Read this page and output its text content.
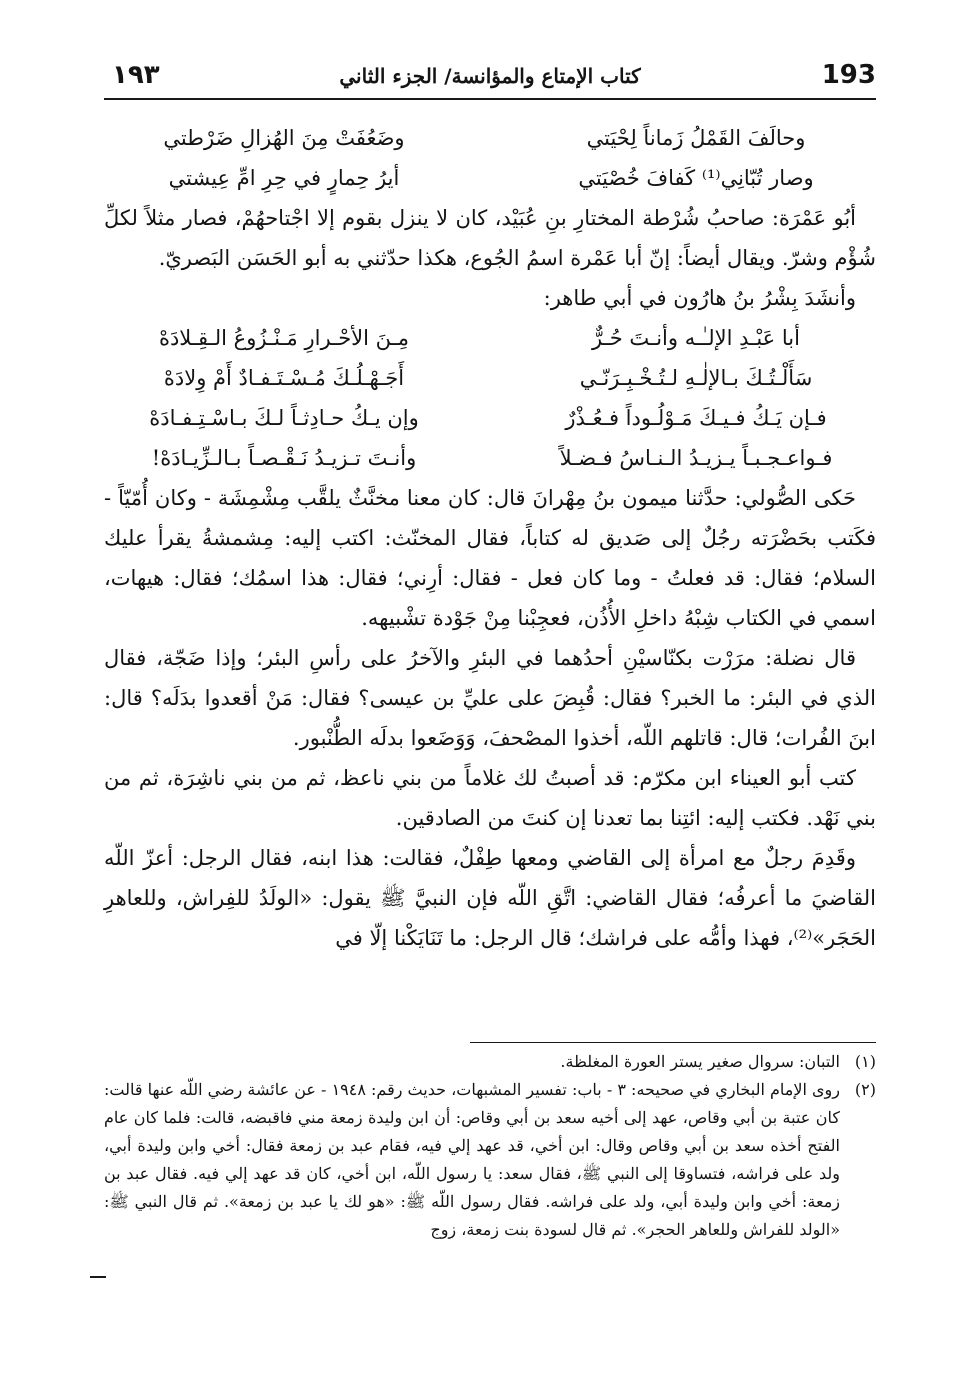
١٩٣	كتاب الإمتاع والمؤانسة/ الجزء الثاني	193
وحالَفَ القَمْلُ زَماناً لِحْيَتي
وضَعُفَتْ مِنَ الهُزالِ ضَرْطتي
وصار تُبّانِي⁽¹⁾ كَفافَ خُصْيَتي
أيرُ حِمارٍ في حِرِ امِّ عِيشتي

أبُو عَمْرَة: صاحبُ شُرْطة المختارِ بنِ عُبَيْد، كان لا ينزل بقوم إلا اجْتاحهُمْ، فصار مثلاً لكلِّ شُؤْم وشرّ. ويقال أيضاً: إنّ أبا عَمْرة اسمُ الجُوع، هكذا حدّثني به أبو الحَسَن البَصريّ.

وأنشَدَ بِشْرُ بنُ هارُون في أبي طاهر:

أبا عَبْـدِ الإلـٰـه وأنـتَ حُـرٌّ
مِـنَ الأحْـرارِ مَـنْـزُوعُ الـقِـلادَهْ
سَأَلْـتُـكَ بـالإلٰـهِ لـتُـخْـبِـرَنّـي
أَجَـهْـلُـكَ مُـسْـتَـفـادٌ أَمْ وِلادَهْ
فـإن يَـكُ فـيـكَ مَـوْلُـوداً فـعُـذْرٌ
وإن يـكُ حـادِثـاً لـكَ بـاسْـتِـفـادَهْ
فـواعـجـبـاً يـزيـدُ الـنـاسُ فـضـلاً
وأنـتَ تـزيـدُ نَـقْـصـاً بـالـزِّيـادَهْ!

حَكى الصُّولي: حدَّثنا ميمون بنُ مِهْرانَ قال: كان معنا مخنَّثٌ يلقَّب مِشْمِشَة - وكان أُمّيّاً - فكَتب بحَضْرَته رجُلٌ إلى صَديق له كتاباً، فقال المخنّث: اكتب إليه: مِشمشةُ يقرأ عليك السلام؛ فقال: قد فعلتُ - وما كان فعل - فقال: أرِني؛ فقال: هذا اسمُك؛ فقال: هيهات، اسمي في الكتاب شِبْهُ داخلِ الأُذُن، فعجِبْنا مِنْ جَوْدة تشْبيهه.

قال نضلة: مرَرْت بكنّاسيْنِ أحدُهما في البئرِ والآخرُ على رأسِ البئر؛ وإذا ضَجّة، فقال الذي في البئر: ما الخبر؟ فقال: قُبِضَ على عليِّ بن عيسى؟ فقال: مَنْ أقعدوا بدَلَه؟ قال: ابنَ الفُرات؛ قال: قاتلهم اللّه، أخذوا المصْحفَ، وَوَضَعوا بدلَه الطُّنْبور.

كتب أبو العيناء ابن مكرّم: قد أصبتُ لك غلاماً من بني ناعظ، ثم من بني ناشِرَة، ثم من بني نَهْد. فكتب إليه: ائتِنا بما تعدنا إن كنتَ من الصادقين.

وقَدِمَ رجلٌ مع امرأة إلى القاضي ومعها طِفْلٌ، فقالت: هذا ابنه، فقال الرجل: أعزّ اللّه القاضيَ ما أعرفُه؛ فقال القاضي: اتَّقِ اللّه فإن النبيَّ ﷺ يقول: «الولَدُ للفِراش، وللعاهرِ الحَجَر»⁽²⁾، فهذا وأمُّه على فراشك؛ قال الرجل: ما تَنَايَكْنا إلّا في

(١)
التبان: سروال صغير يستر العورة المغلظة.
(٢)
روى الإمام البخاري في صحيحه: ٣ - باب: تفسير المشبهات، حديث رقم: ١٩٤٨ - عن عائشة رضي اللّه عنها قالت: كان عتبة بن أبي وقاص، عهد إلى أخيه سعد بن أبي وقاص: أن ابن وليدة زمعة مني فاقبضه، قالت: فلما كان عام الفتح أخذه سعد بن أبي وقاص وقال: ابن أخي، قد عهد إلي فيه، فقام عبد بن زمعة فقال: أخي وابن وليدة أبي، ولد على فراشه، فتساوقا إلى النبي ﷺ، فقال سعد: يا رسول اللّه، ابن أخي، كان قد عهد إلي فيه. فقال عبد بن زمعة: أخي وابن وليدة أبي، ولد على فراشه. فقال رسول اللّه ﷺ: «هو لك يا عبد بن زمعة». ثم قال النبي ﷺ: «الولد للفراش وللعاهر الحجر». ثم قال لسودة بنت زمعة، زوج
